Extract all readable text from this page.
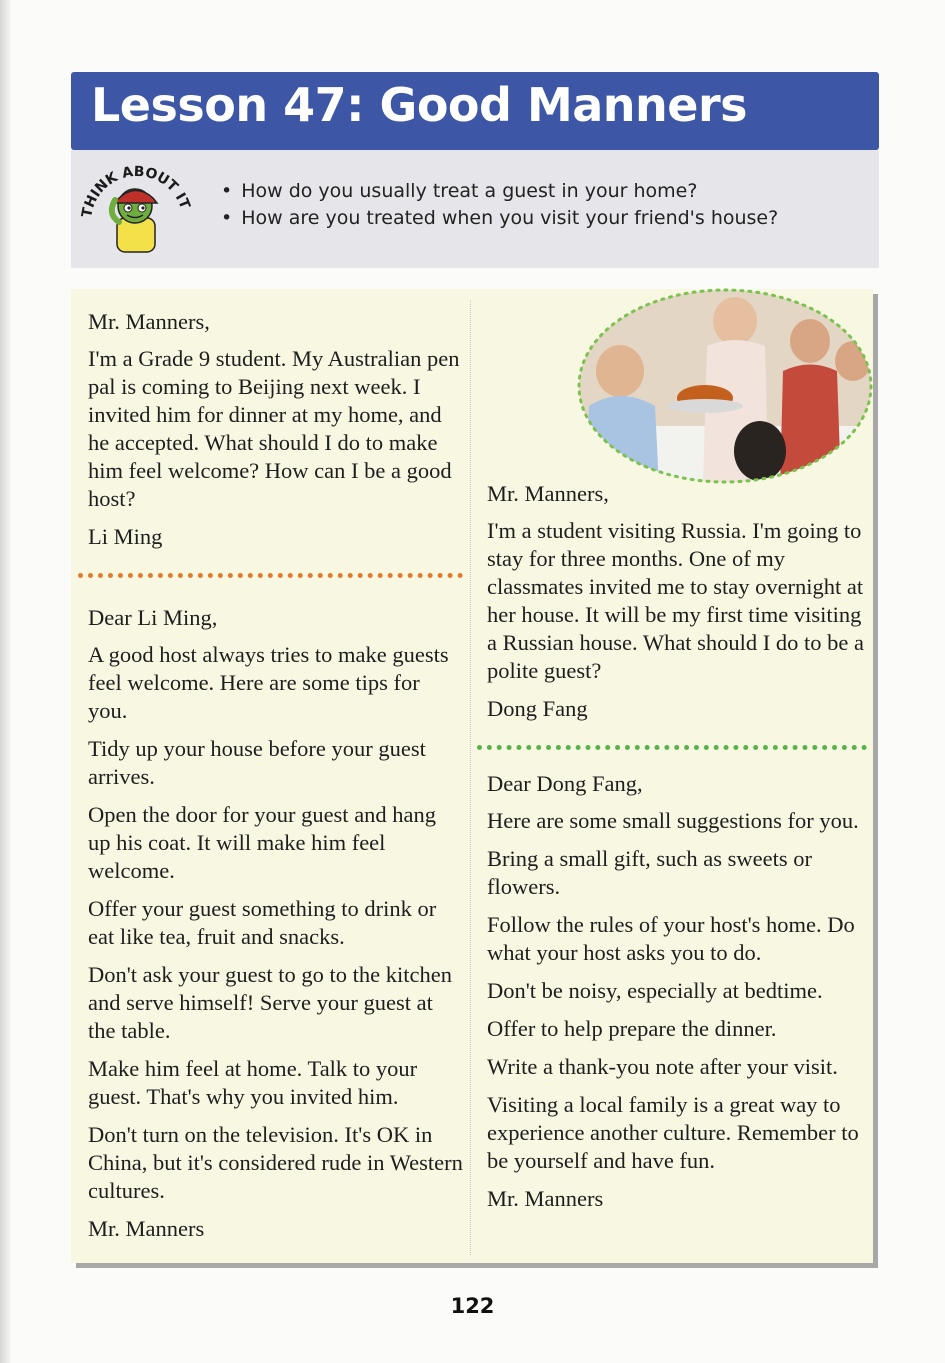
Lesson 47: Good Manners
THINK ABOUT IT
• How do you usually treat a guest in your home?
• How are you treated when you visit your friend's house?

Mr. Manners,

I'm a Grade 9 student. My Australian pen pal is coming to Beijing next week. I invited him for dinner at my home, and he accepted. What should I do to make him feel welcome? How can I be a good host?

Li Ming

Dear Li Ming,

A good host always tries to make guests feel welcome. Here are some tips for you.

Tidy up your house before your guest arrives.

Open the door for your guest and hang up his coat. It will make him feel welcome.

Offer your guest something to drink or eat like tea, fruit and snacks.

Don't ask your guest to go to the kitchen and serve himself! Serve your guest at the table.

Make him feel at home. Talk to your guest. That's why you invited him.

Don't turn on the television. It's OK in China, but it's considered rude in Western cultures.

Mr. Manners

Mr. Manners,

I'm a student visiting Russia. I'm going to stay for three months. One of my classmates invited me to stay overnight at her house. It will be my first time visiting a Russian house. What should I do to be a polite guest?

Dong Fang

Dear Dong Fang,

Here are some small suggestions for you.

Bring a small gift, such as sweets or flowers.

Follow the rules of your host's home. Do what your host asks you to do.

Don't be noisy, especially at bedtime.

Offer to help prepare the dinner.

Write a thank-you note after your visit.

Visiting a local family is a great way to experience another culture. Remember to be yourself and have fun.

Mr. Manners

122
